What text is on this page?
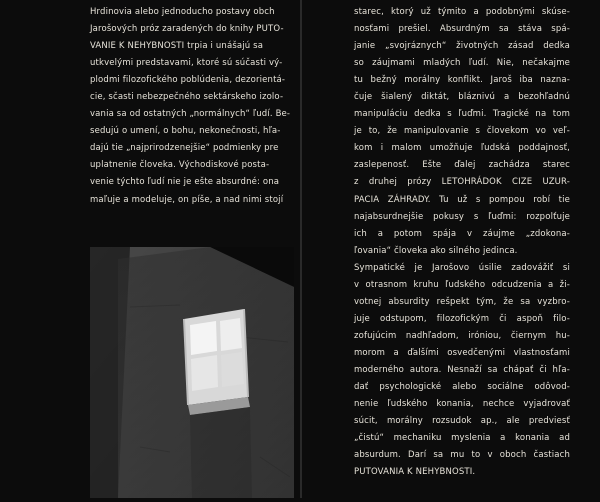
Hrdinovia alebo jednoducho postavy obch
Jarošových próz zaradených do knihy PUTO-
VANIE K NEHYBNOSTI trpia i unášajú sa
utkvelými predstavami, ktoré sú súčasti vý-
plodmi filozofického poblúdenia, dezorientá-
cie, sčasti nebezpečného sektárskeho izolo-
vania sa od ostatných „normálnych“ ľudí. Be-
sedujú o umení, o bohu, nekonečnosti, hľa-
dajú tie „najprirodzenejšie“ podmienky pre
uplatnenie človeka. Východiskové posta-
venie týchto ľudí nie je ešte absurdné: ona
maľuje a modeluje, on píše, a nad nimi stojí
starec, ktorý už týmito a podobnými skúse-
nosťami prešiel. Absurdným sa stáva spá-
janie „svojráznych“ životných zásad dedka
so záujmami mladých ľudí. Nie, nečakajme
tu bežný morálny konflikt. Jaroš iba nazna-
čuje šialený diktát, bláznivú a bezohľadnú
manipuláciu dedka s ľuďmi. Tragické na tom
je to, že manipulovanie s človekom vo veľ-
kom i malom umožňuje ľudská poddajnosť,
zaslepenosť. Ešte ďalej zachádza starec
z druhej prózy LETOHRÁDOK CIZE UZUR-
PACIA ZÁHRADY. Tu už s pompou robí tie
najabsurdnejšie pokusy s ľuďmi: rozpolťuje
ich a potom spája v záujme „zdokona-
ľovania“ človeka ako silného jedinca.
Sympatické je Jarošovo úsilie zadovážiť si
v otrasnom kruhu ľudského odcudzenia a ži-
votnej absurdity rešpekt tým, že sa vyzbro-
juje odstupom, filozofickým či aspoň filo-
zofujúcim nadhľadom, iróniou, čiernym hu-
morom a ďalšími osvedčenými vlastnosťami
moderného autora. Nesnaží sa chápať či hľa-
dať psychologické alebo sociálne odôvod-
nenie ľudského konania, nechce vyjadrovať
súcit, morálny rozsudok ap., ale predviesť
„čistú“ mechaniku myslenia a konania ad
absurdum. Darí sa mu to v oboch častiach
PUTOVANIA K NEHYBNOSTI.
